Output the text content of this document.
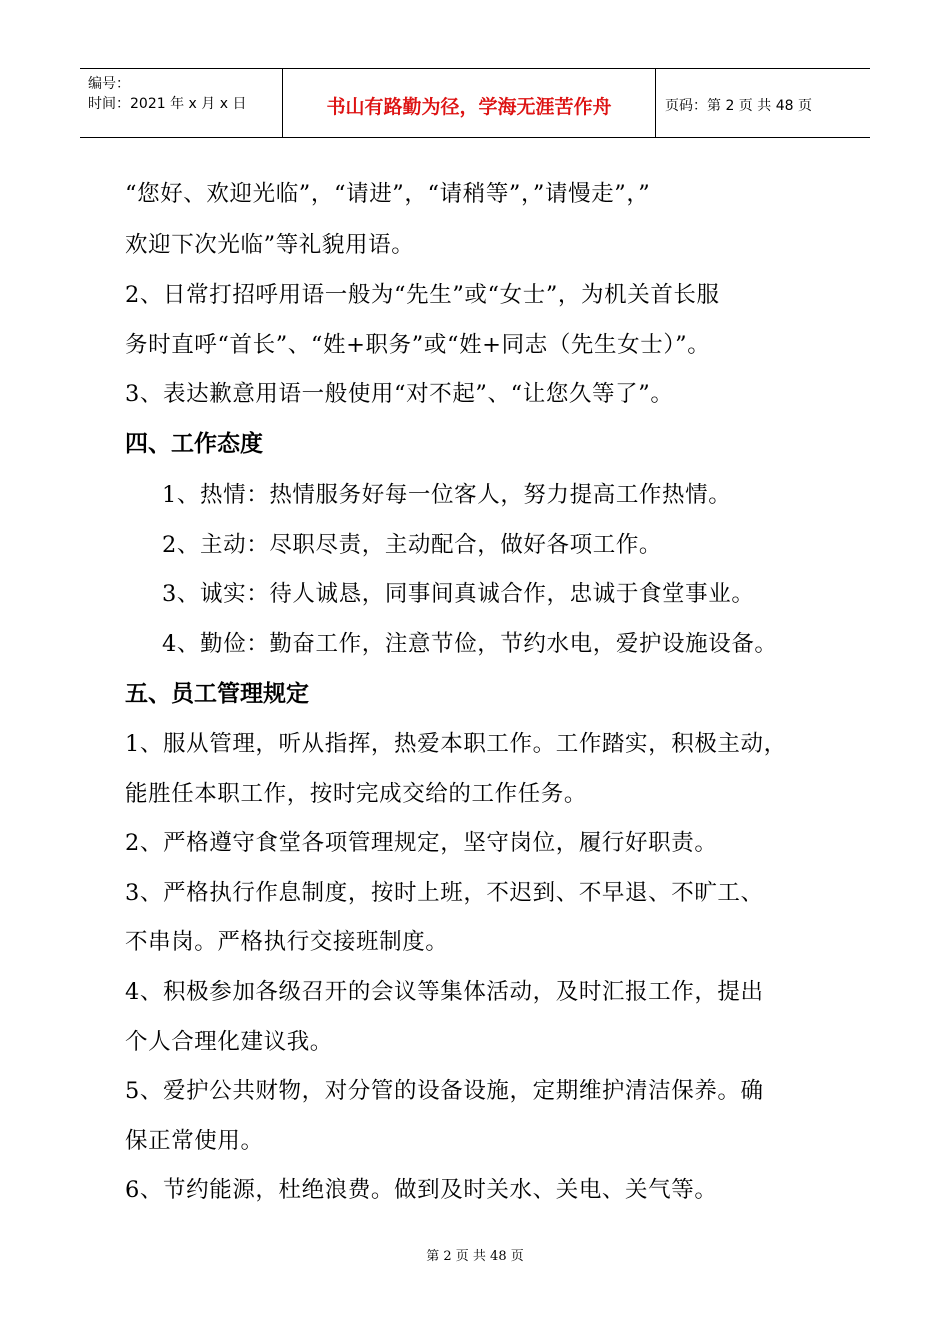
编号：
时间：2021 年 x 月 x 日	书山有路勤为径，学海无涯苦作舟	页码：第 2 页 共 48 页
“您好、欢迎光临”，“请进”，“请稍等”，”请慢走”，”
欢迎下次光临”等礼貌用语。
2、日常打招呼用语一般为“先生”或“女士”，为机关首长服
务时直呼“首长”、“姓+职务”或“姓+同志（先生女士）”。
3、表达歉意用语一般使用“对不起”、“让您久等了”。
四、工作态度
1、热情：热情服务好每一位客人，努力提高工作热情。
2、主动：尽职尽责，主动配合，做好各项工作。
3、诚实：待人诚恳，同事间真诚合作，忠诚于食堂事业。
4、勤俭：勤奋工作，注意节俭，节约水电，爱护设施设备。
五、员工管理规定
1、服从管理，听从指挥，热爱本职工作。工作踏实，积极主动，
能胜任本职工作，按时完成交给的工作任务。
2、严格遵守食堂各项管理规定，坚守岗位，履行好职责。
3、严格执行作息制度，按时上班，不迟到、不早退、不旷工、
不串岗。严格执行交接班制度。
4、积极参加各级召开的会议等集体活动，及时汇报工作，提出
个人合理化建议我。
5、爱护公共财物，对分管的设备设施，定期维护清洁保养。确
保正常使用。
6、节约能源，杜绝浪费。做到及时关水、关电、关气等。
第 2 页 共 48 页
